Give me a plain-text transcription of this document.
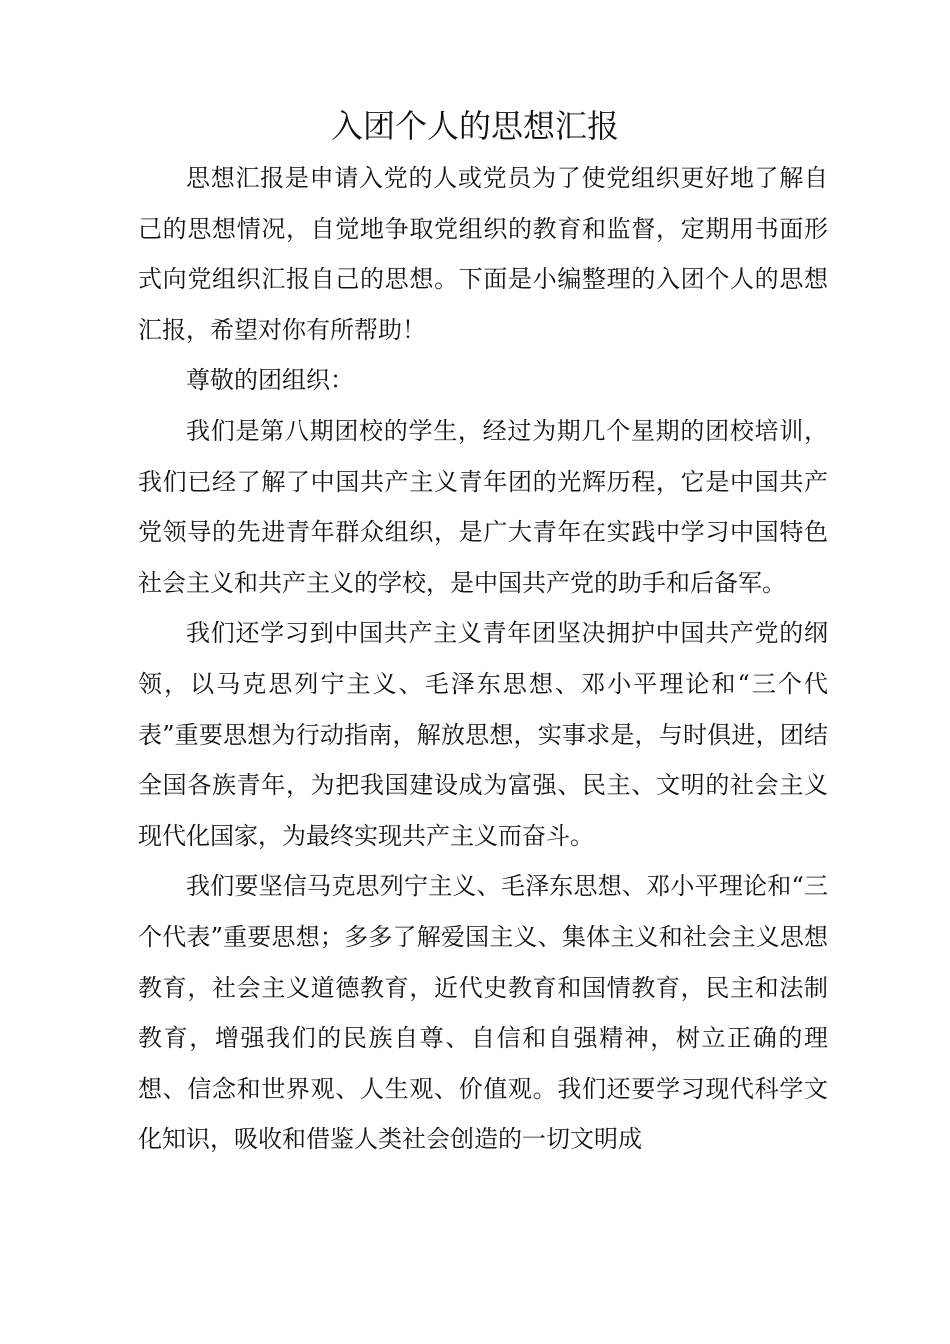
入团个人的思想汇报

思想汇报是申请入党的人或党员为了使党组织更好地了解自己的思想情况，自觉地争取党组织的教育和监督，定期用书面形式向党组织汇报自己的思想。下面是小编整理的入团个人的思想汇报，希望对你有所帮助！

尊敬的团组织：

我们是第八期团校的学生，经过为期几个星期的团校培训，我们已经了解了中国共产主义青年团的光辉历程，它是中国共产党领导的先进青年群众组织，是广大青年在实践中学习中国特色社会主义和共产主义的学校，是中国共产党的助手和后备军。

我们还学习到中国共产主义青年团坚决拥护中国共产党的纲领，以马克思列宁主义、毛泽东思想、邓小平理论和“三个代表”重要思想为行动指南，解放思想，实事求是，与时俱进，团结全国各族青年，为把我国建设成为富强、民主、文明的社会主义现代化国家，为最终实现共产主义而奋斗。

我们要坚信马克思列宁主义、毛泽东思想、邓小平理论和“三个代表”重要思想；多多了解爱国主义、集体主义和社会主义思想教育，社会主义道德教育，近代史教育和国情教育，民主和法制教育，增强我们的民族自尊、自信和自强精神，树立正确的理想、信念和世界观、人生观、价值观。我们还要学习现代科学文化知识，吸收和借鉴人类社会创造的一切文明成
